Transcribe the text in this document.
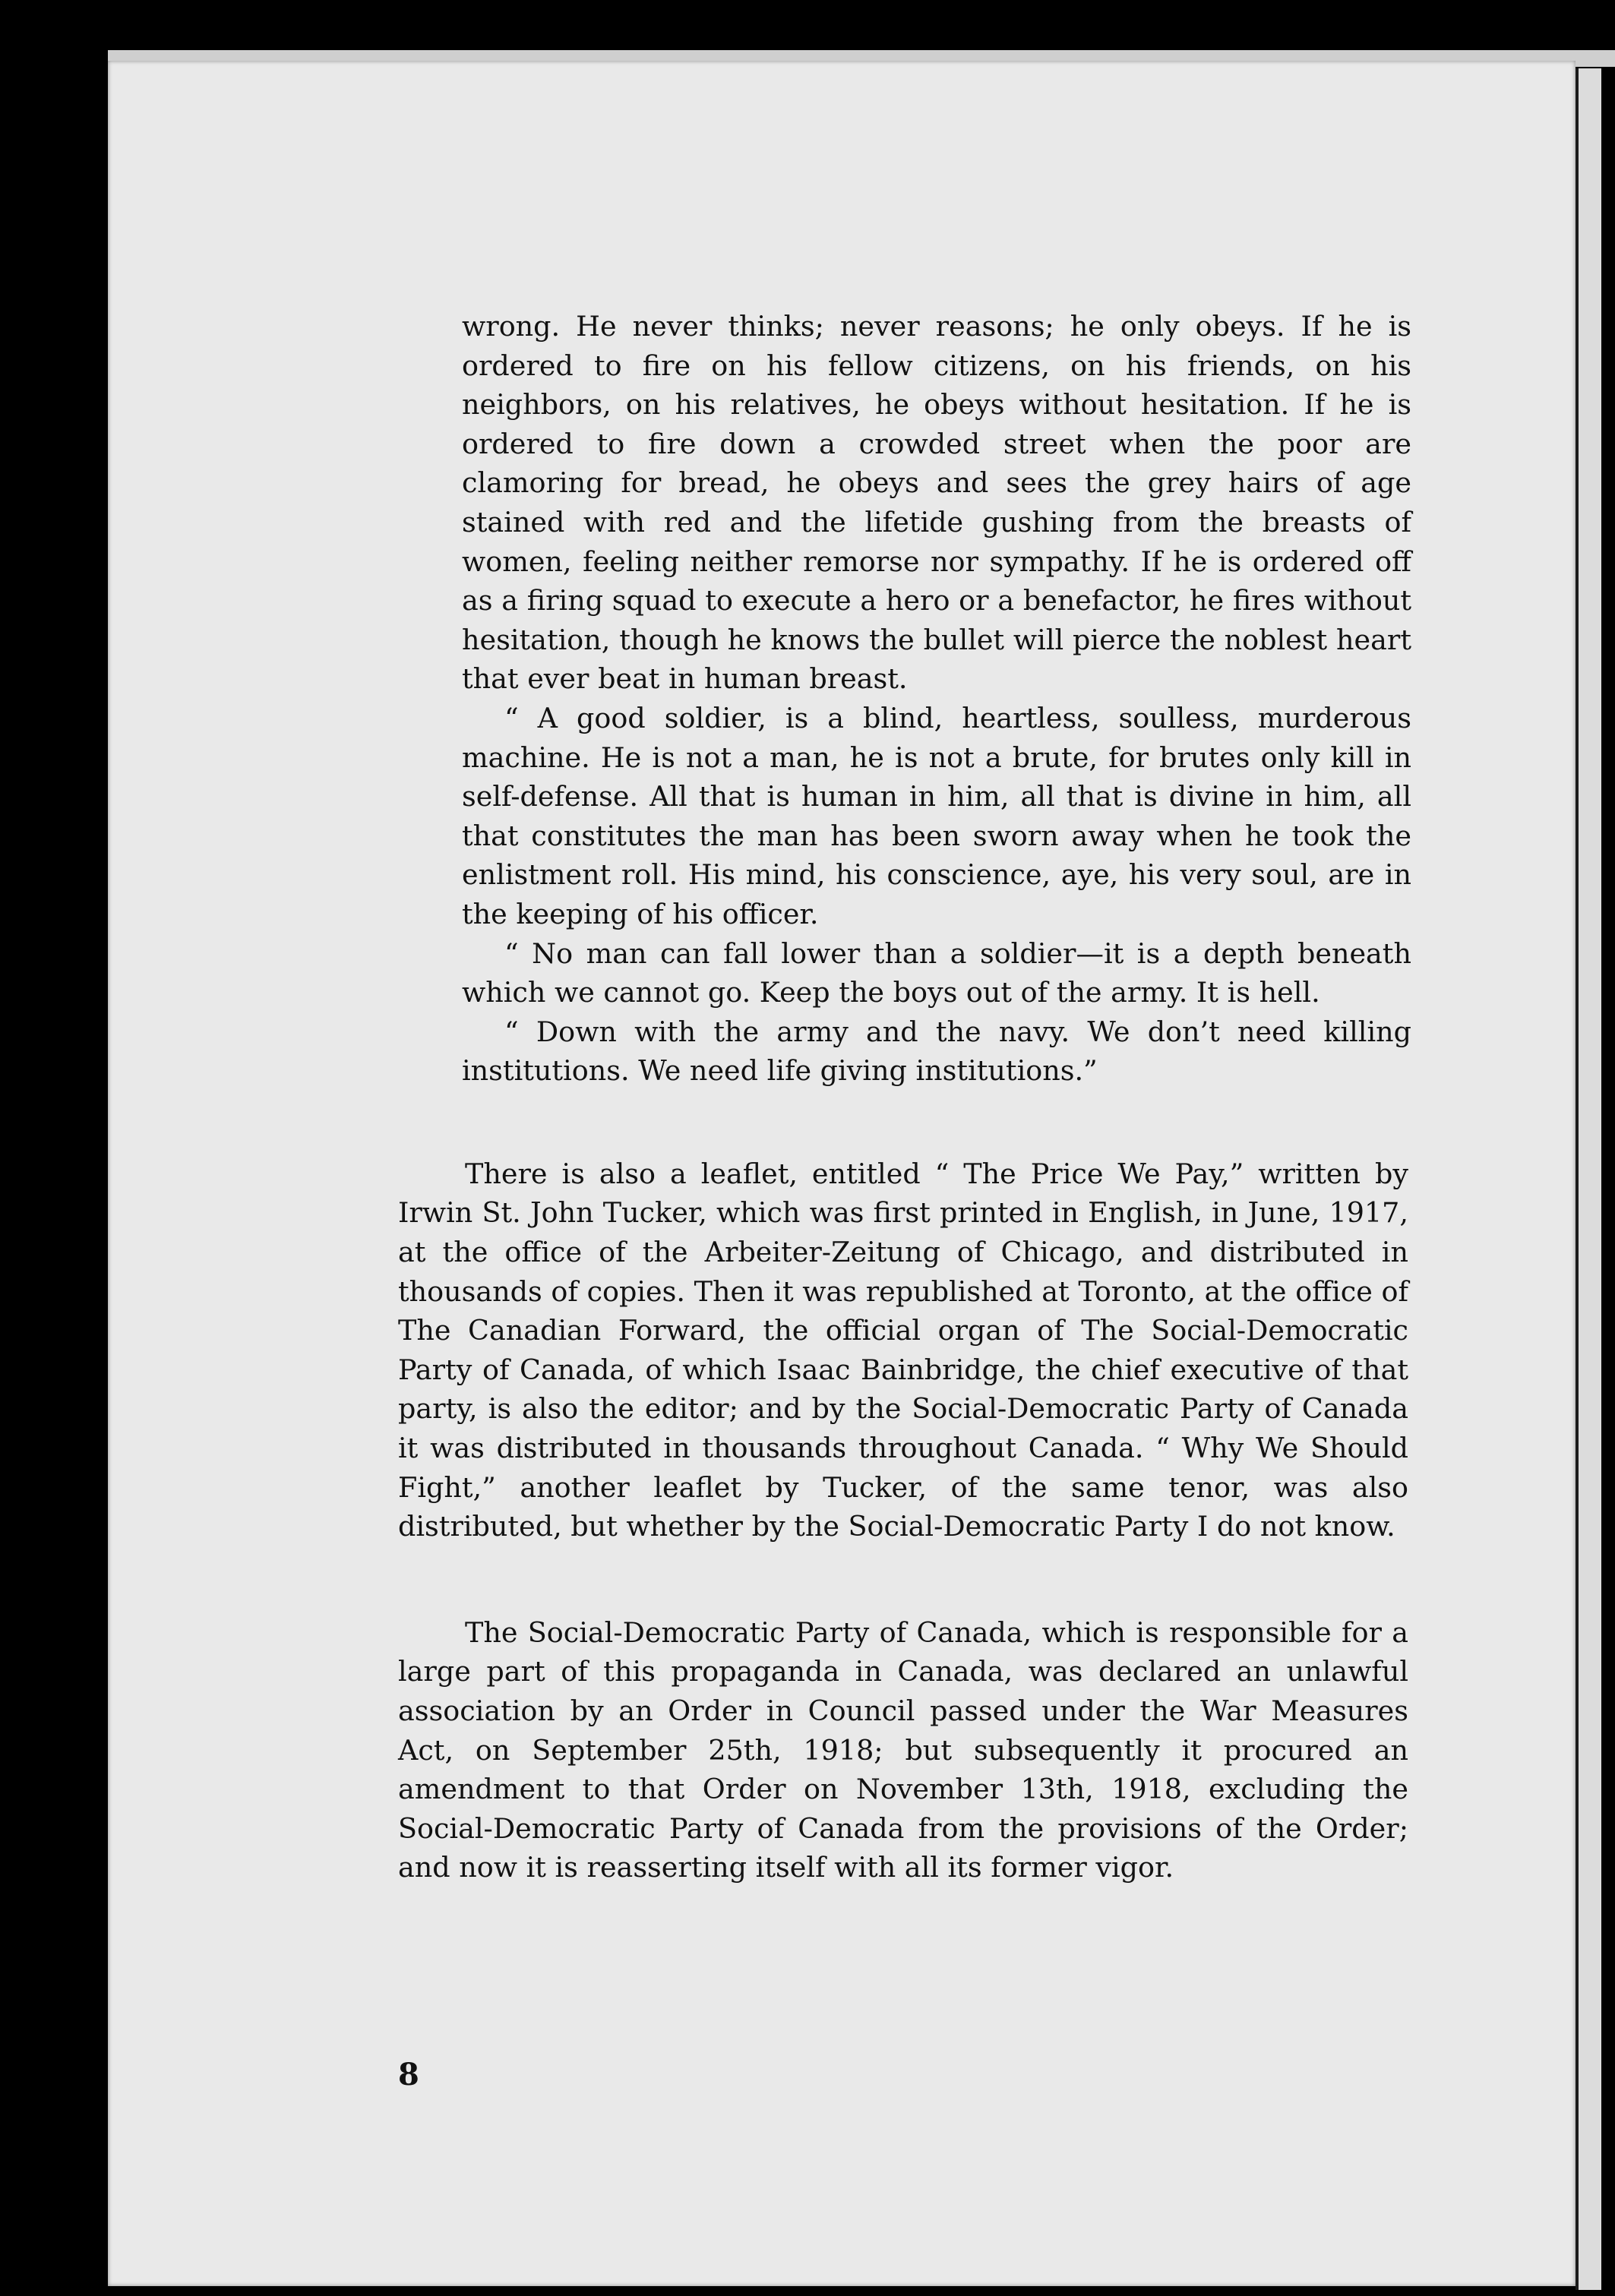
wrong. He never thinks; never reasons; he only obeys. If he is ordered to fire on his fellow citizens, on his friends, on his neighbors, on his relatives, he obeys without hesitation. If he is ordered to fire down a crowded street when the poor are clamoring for bread, he obeys and sees the grey hairs of age stained with red and the lifetide gushing from the breasts of women, feeling neither remorse nor sympathy. If he is ordered off as a firing squad to execute a hero or a benefactor, he fires without hesitation, though he knows the bullet will pierce the noblest heart that ever beat in human breast.

“ A good soldier, is a blind, heartless, soulless, murderous machine. He is not a man, he is not a brute, for brutes only kill in self-defense. All that is human in him, all that is divine in him, all that constitutes the man has been sworn away when he took the enlistment roll. His mind, his conscience, aye, his very soul, are in the keeping of his officer.

“ No man can fall lower than a soldier—it is a depth beneath which we cannot go. Keep the boys out of the army. It is hell.

“ Down with the army and the navy. We don’t need killing institutions. We need life giving institutions.”

There is also a leaflet, entitled “ The Price We Pay,” written by Irwin St. John Tucker, which was first printed in English, in June, 1917, at the office of the Arbeiter-Zeitung of Chicago, and distributed in thousands of copies. Then it was republished at Toronto, at the office of The Canadian Forward, the official organ of The Social-Democratic Party of Canada, of which Isaac Bainbridge, the chief executive of that party, is also the editor; and by the Social-Democratic Party of Canada it was distributed in thousands throughout Canada. “ Why We Should Fight,” another leaflet by Tucker, of the same tenor, was also distributed, but whether by the Social-Democratic Party I do not know.

The Social-Democratic Party of Canada, which is responsible for a large part of this propaganda in Canada, was declared an unlawful association by an Order in Council passed under the War Measures Act, on September 25th, 1918; but subsequently it procured an amendment to that Order on November 13th, 1918, excluding the Social-Democratic Party of Canada from the provisions of the Order; and now it is reasserting itself with all its former vigor.

8
